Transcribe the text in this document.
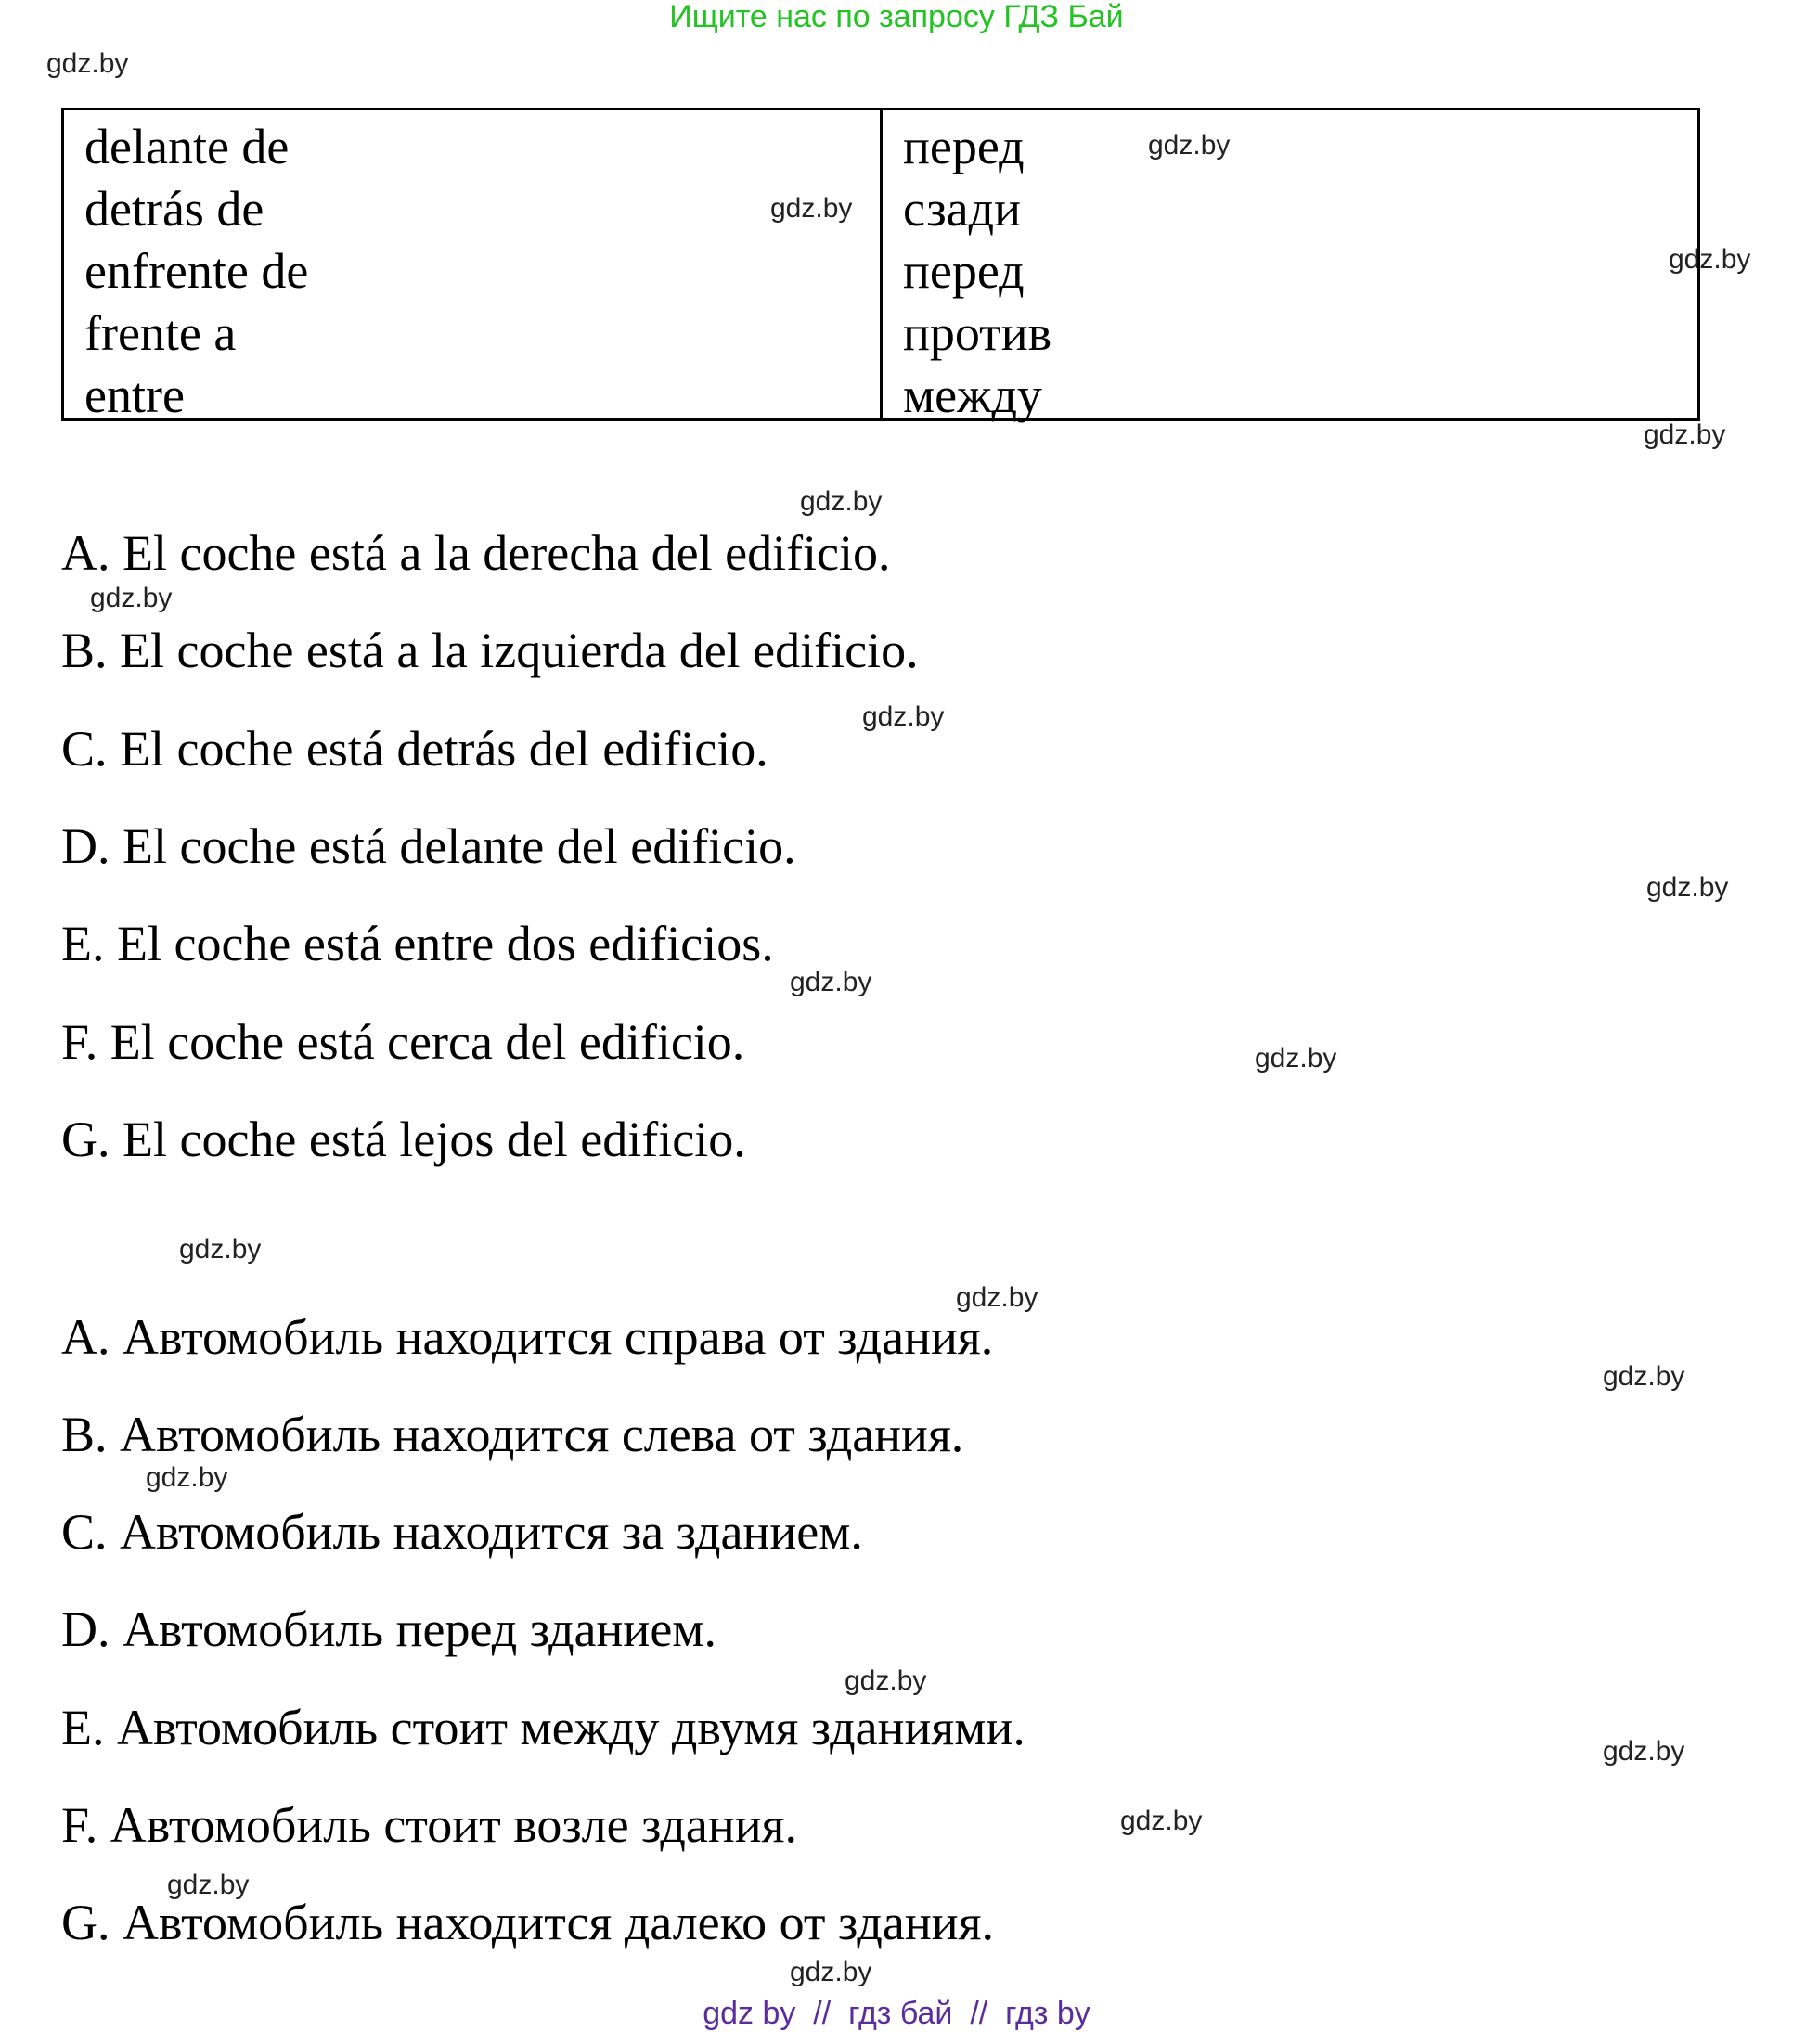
Ищите нас по запросу ГДЗ Бай
delante de
detrás de
enfrente de
frente a
entre
перед
сзади
перед
против
между
A. El coche está a la derecha del edificio.
B. El coche está a la izquierda del edificio.
C. El coche está detrás del edificio.
D. El coche está delante del edificio.
E. El coche está entre dos edificios.
F. El coche está cerca del edificio.
G. El coche está lejos del edificio.
A. Автомобиль находится справа от здания.
B. Автомобиль находится слева от здания.
C. Автомобиль находится за зданием.
D. Автомобиль перед зданием.
E. Автомобиль стоит между двумя зданиями.
F. Автомобиль стоит возле здания.
G. Автомобиль находится далеко от здания.
gdz.by
gdz.by
gdz.by
gdz.by
gdz.by
gdz.by
gdz.by
gdz.by
gdz.by
gdz.by
gdz.by
gdz.by
gdz.by
gdz.by
gdz.by
gdz.by
gdz.by
gdz.by
gdz.by
gdz.by
gdz by  //  гдз бай  //  гдз by
